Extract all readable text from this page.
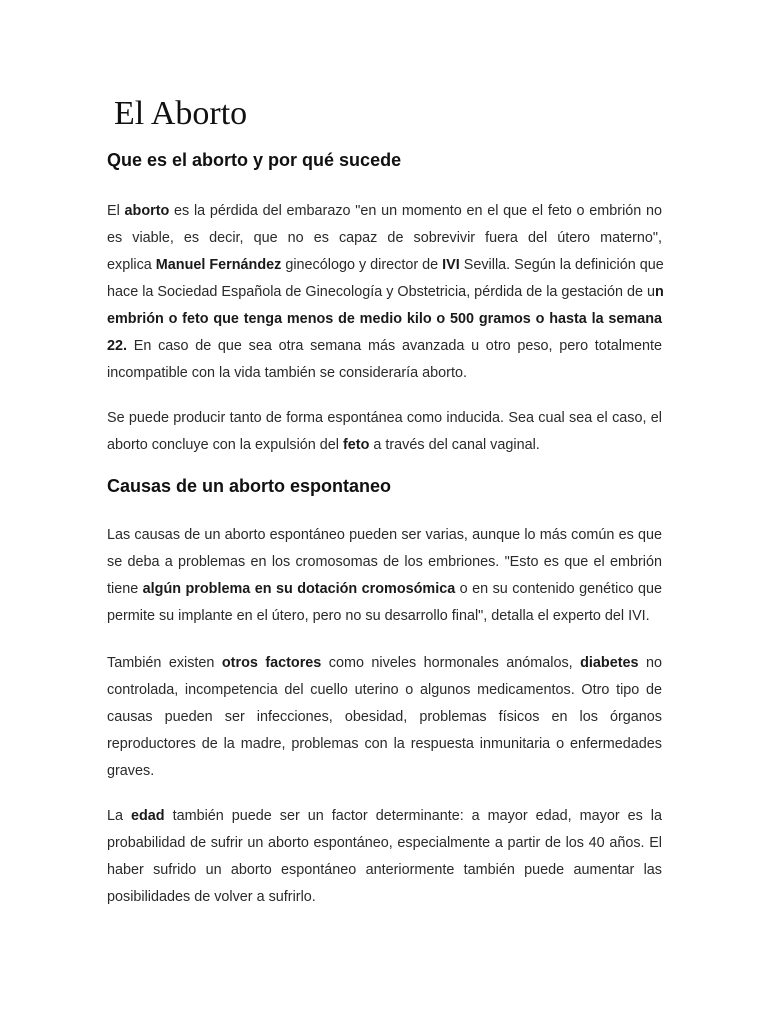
El Aborto
Que es el aborto y por qué sucede

El aborto es la pérdida del embarazo "en un momento en el que el feto o embrión no
es viable, es decir, que no es capaz de sobrevivir fuera del útero materno",
explica Manuel Fernández ginecólogo y director de IVI Sevilla. Según la definición que
hace la Sociedad Española de Ginecología y Obstetricia, pérdida de la gestación de un
embrión o feto que tenga menos de medio kilo o 500 gramos o hasta la semana
22. En caso de que sea otra semana más avanzada u otro peso, pero totalmente
incompatible con la vida también se consideraría aborto.

Se puede producir tanto de forma espontánea como inducida. Sea cual sea el caso, el
aborto concluye con la expulsión del feto a través del canal vaginal.

Causas de un aborto espontaneo

Las causas de un aborto espontáneo pueden ser varias, aunque lo más común es que
se deba a problemas en los cromosomas de los embriones. "Esto es que el embrión
tiene algún problema en su dotación cromosómica o en su contenido genético que
permite su implante en el útero, pero no su desarrollo final", detalla el experto del IVI.

También existen otros factores como niveles hormonales anómalos, diabetes no
controlada, incompetencia del cuello uterino o algunos medicamentos. Otro tipo de
causas pueden ser infecciones, obesidad, problemas físicos en los órganos
reproductores de la madre, problemas con la respuesta inmunitaria o enfermedades
graves.

La edad también puede ser un factor determinante: a mayor edad, mayor es la
probabilidad de sufrir un aborto espontáneo, especialmente a partir de los 40 años. El
haber sufrido un aborto espontáneo anteriormente también puede aumentar las
posibilidades de volver a sufrirlo.
